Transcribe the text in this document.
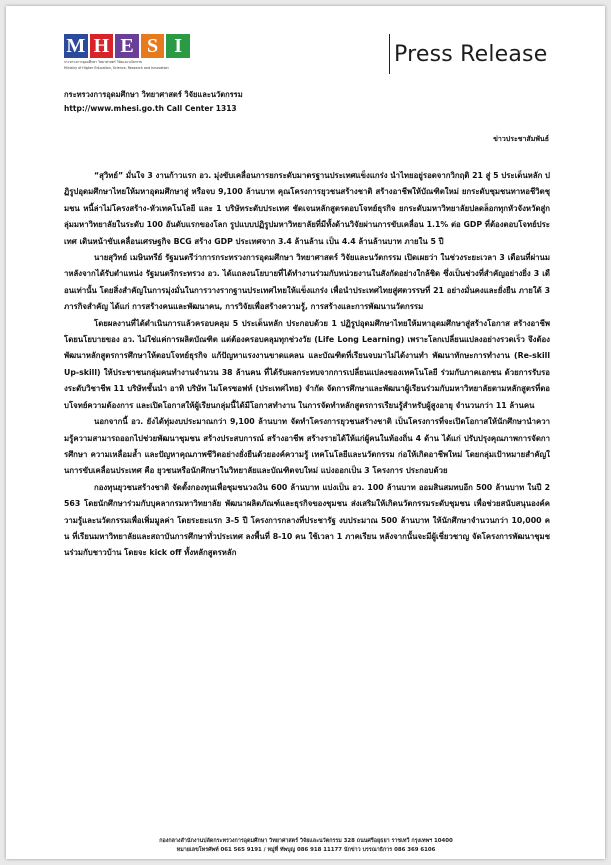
M H E S I
กระทรวงการอุดมศึกษา วิทยาศาสตร์ วิจัยและนวัตกรรม
Ministry of Higher Education, Science, Research and Innovation
Press Release
กระทรวงการอุดมศึกษา วิทยาศาสตร์ วิจัยและนวัตกรรม
http://www.mhesi.go.th Call Center 1313
ข่าวประชาสัมพันธ์

“สุวิทย์” มั่นใจ 3 งานก้าวแรก อว. มุ่งขับเคลื่อนการยกระดับมาตรฐานประเทศแข็งแกร่ง นำไทยอยู่รอดจากวิกฤติ 21 สู่ 5 ประเด็นหลัก ปฏิรูปอุดมศึกษาไทยให้มหาอุดมศึกษาสู่ หรือจบ 9,100 ล้านบาท คุณโครงการยุวชนสร้างชาติ สร้างอาชีพให้บัณฑิตใหม่ ยกระดับชุมชนทาหอชีวิตชุมชน หนี้ล่าไม่โครงสร้าง-หัวเทคโนโลยี และ 1 บริษัทระดับประเทศ ชัดเจนหลักสูตรตอบโจทย์ธุรกิจ ยกระดับมหาวิทยาลัยปลดล็อกทุกหัวจังหวัดสู่กลุ่มมหาวิทยาลัยในระดับ 100 อันดับแรกของโลก รูปแบบปฏิรูปมหาวิทยาลัยที่มีทั้งด้านวิจัยผ่านการขับเคลื่อน 1.1% ต่อ GDP ที่ต้องตอบโจทย์ประเทศ เดินหน้าขับเคลื่อนเศรษฐกิจ BCG สร้าง GDP ประเทศจาก 3.4 ล้านล้าน เป็น 4.4 ล้านล้านบาท ภายใน 5 ปี

นายสุวิทย์ เมษินทรีย์ รัฐมนตรีว่าการกระทรวงการอุดมศึกษา วิทยาศาสตร์ วิจัยและนวัตกรรม เปิดเผยว่า ในช่วงระยะเวลา 3 เดือนที่ผ่านมาหลังจากได้รับตำแหน่ง รัฐมนตรีกระทรวง อว. ได้แถลงนโยบายที่ได้ทำงานร่วมกับหน่วยงานในสังกัดอย่างใกล้ชิด ซึ่งเป็นช่วงที่สำคัญอย่างยิ่ง 3 เดือนเท่านั้น โดยสิ่งสำคัญในการมุ่งมั่นในการวางรากฐานประเทศไทยให้แข็งแกร่ง เพื่อนำประเทศไทยสู่ศตวรรษที่ 21 อย่างมั่นคงและยั่งยืน ภายใต้ 3 ภารกิจสำคัญ ได้แก่ การสร้างคนและพัฒนาคน, การวิจัยเพื่อสร้างความรู้, การสร้างและการพัฒนานวัตกรรม

โดยผลงานที่ได้ดำเนินการแล้วครอบคลุม 5 ประเด็นหลัก ประกอบด้วย 1 ปฏิรูปอุดมศึกษาไทยให้มหาอุดมศึกษาสู่สร้างโอกาส สร้างอาชีพ โดยนโยบายของ อว. ไม่ใช่แค่การผลิตบัณฑิต แต่ต้องครอบคลุมทุกช่วงวัย (Life Long Learning) เพราะโลกเปลี่ยนแปลงอย่างรวดเร็ว จึงต้องพัฒนาหลักสูตรการศึกษาให้ตอบโจทย์ธุรกิจ แก้ปัญหาแรงงานขาดแคลน และบัณฑิตที่เรียนจบมาไม่ได้งานทำ พัฒนาทักษะการทำงาน (Re-skill Up-skill) ให้ประชาชนกลุ่มคนทำงานจำนวน 38 ล้านคน ที่ได้รับผลกระทบจากการเปลี่ยนแปลงของเทคโนโลยี ร่วมกับภาคเอกชน ด้วยการรับรองระดับวิชาชีพ 11 บริษัทชั้นนำ อาทิ บริษัท ไมโครซอฟท์ (ประเทศไทย) จำกัด จัดการศึกษาและพัฒนาผู้เรียนร่วมกับมหาวิทยาลัยตามหลักสูตรที่ตอบโจทย์ความต้องการ และเปิดโอกาสให้ผู้เรียนกลุ่มนี้ได้มีโอกาสทำงาน ในการจัดทำหลักสูตรการเรียนรู้สำหรับผู้สูงอายุ จำนวนกว่า 11 ล้านคน

นอกจากนี้ อว. ยังได้ทุ่มงบประมาณกว่า 9,100 ล้านบาท จัดทำโครงการยุวชนสร้างชาติ เป็นโครงการที่จะเปิดโอกาสให้นักศึกษานำความรู้ความสามารถออกไปช่วยพัฒนาชุมชน สร้างประสบการณ์ สร้างอาชีพ สร้างรายได้ให้แก่ผู้คนในท้องถิ่น 4 ด้าน ได้แก่ ปรับปรุงคุณภาพการจัดการศึกษา ความเหลื่อมล้ำ และปัญหาคุณภาพชีวิตอย่างยั่งยืนด้วยองค์ความรู้ เทคโนโลยีและนวัตกรรม ก่อให้เกิดอาชีพใหม่ โดยกลุ่มเป้าหมายสำคัญในการขับเคลื่อนประเทศ คือ ยุวชนหรือนักศึกษาในวิทยาลัยและบัณฑิตจบใหม่ แบ่งออกเป็น 3 โครงการ ประกอบด้วย

กองทุนยุวชนสร้างชาติ จัดตั้งกองทุนเพื่อชุมชนวงเงิน 600 ล้านบาท แบ่งเป็น อว. 100 ล้านบาท ออมสินสมทบอีก 500 ล้านบาท ในปี 2563 โดยนักศึกษาร่วมกับบุคลากรมหาวิทยาลัย พัฒนาผลิตภัณฑ์และธุรกิจของชุมชน ส่งเสริมให้เกิดนวัตกรรมระดับชุมชน เพื่อช่วยสนับสนุนองค์ความรู้และนวัตกรรมเพื่อเพิ่มมูลค่า โดยระยะแรก 3-5 ปี โครงการกลางที่ประชารัฐ งบประมาณ 500 ล้านบาท ให้นักศึกษาจำนวนกว่า 10,000 คน ที่เรียนมหาวิทยาลัยและสถาบันการศึกษาทั่วประเทศ ลงพื้นที่ 8-10 คน ใช้เวลา 1 ภาคเรียน หลังจากนั้นจะมีผู้เชี่ยวชาญ จัดโครงการพัฒนาชุมชนร่วมกับชาวบ้าน โดยจะ kick off ทั้งหลักสูตรหลัก

กองกลางสำนักงานปลัดกระทรวงการอุดมศึกษา วิทยาศาสตร์ วิจัยและนวัตกรรม 328 ถนนศรีอยุธยา ราชเทวี กรุงเทพฯ 10400
หมายเลขโทรศัพท์ 061 565 9191 / หมู่ที่ ทัพบุญ 086 918 11177 นักข่าว บรรณาธิการ 086 369 6106
